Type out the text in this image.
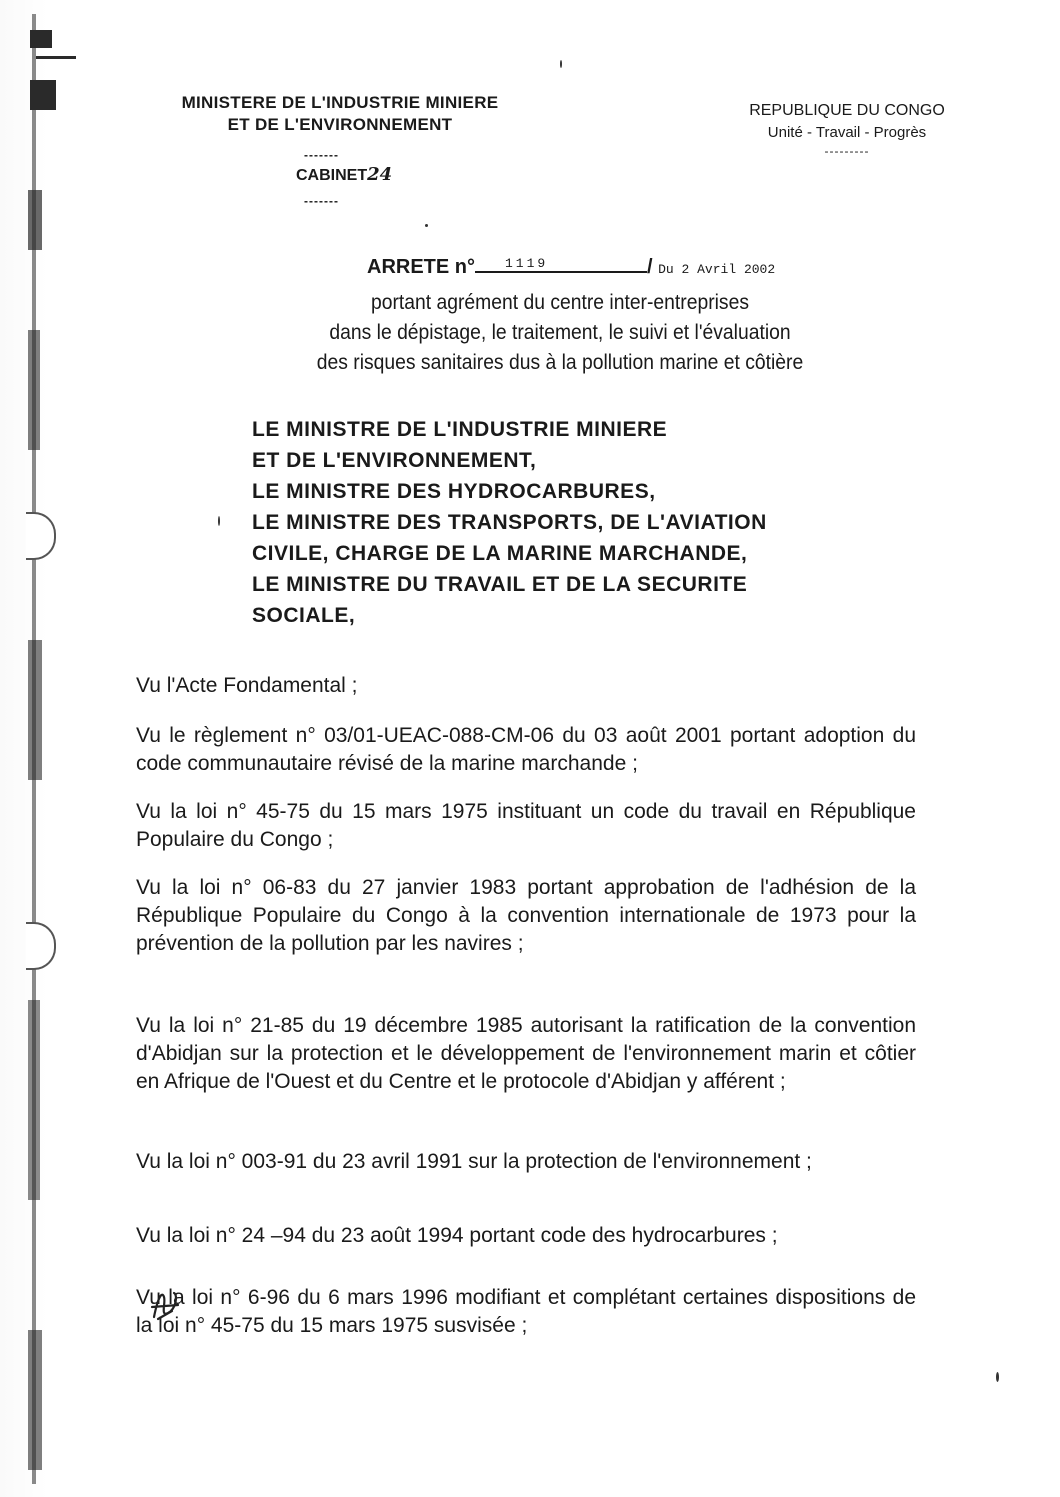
MINISTERE DE L'INDUSTRIE MINIERE
ET DE L'ENVIRONNEMENT
-------
CABINET24
-------
REPUBLIQUE DU CONGO
Unité - Travail - Progrès
---------
ARRETE n° 1119	/ Du 2 Avril 2002
portant agrément du centre inter-entreprises
dans le dépistage, le traitement, le suivi et l'évaluation
des risques sanitaires dus à la pollution marine et côtière
LE MINISTRE DE L'INDUSTRIE MINIERE
ET DE L'ENVIRONNEMENT,
LE MINISTRE DES HYDROCARBURES,
LE MINISTRE DES TRANSPORTS, DE L'AVIATION
CIVILE, CHARGE DE LA MARINE MARCHANDE,
LE MINISTRE DU TRAVAIL ET DE LA SECURITE
SOCIALE,

Vu l'Acte Fondamental ;

Vu le règlement n° 03/01-UEAC-088-CM-06 du 03 août 2001 portant adoption du code communautaire révisé de la marine marchande ;

Vu la loi n° 45-75 du 15 mars 1975 instituant un code du travail en République Populaire du Congo ;

Vu la loi n° 06-83 du 27 janvier 1983 portant approbation de l'adhésion de la République Populaire du Congo à la convention internationale de 1973 pour la prévention de la pollution par les navires ;

Vu la loi n° 21-85 du 19 décembre 1985 autorisant la ratification de la convention d'Abidjan sur la protection et le développement de l'environnement marin et côtier en Afrique de l'Ouest et du Centre et le protocole d'Abidjan y afférent ;

Vu la loi n° 003-91 du 23 avril 1991 sur la protection de l'environnement ;

Vu la loi n° 24 –94 du 23 août 1994 portant code des hydrocarbures ;

Vu la loi n° 6-96 du 6 mars 1996 modifiant et complétant certaines dispositions de la loi n° 45-75 du 15 mars 1975 susvisée ;
